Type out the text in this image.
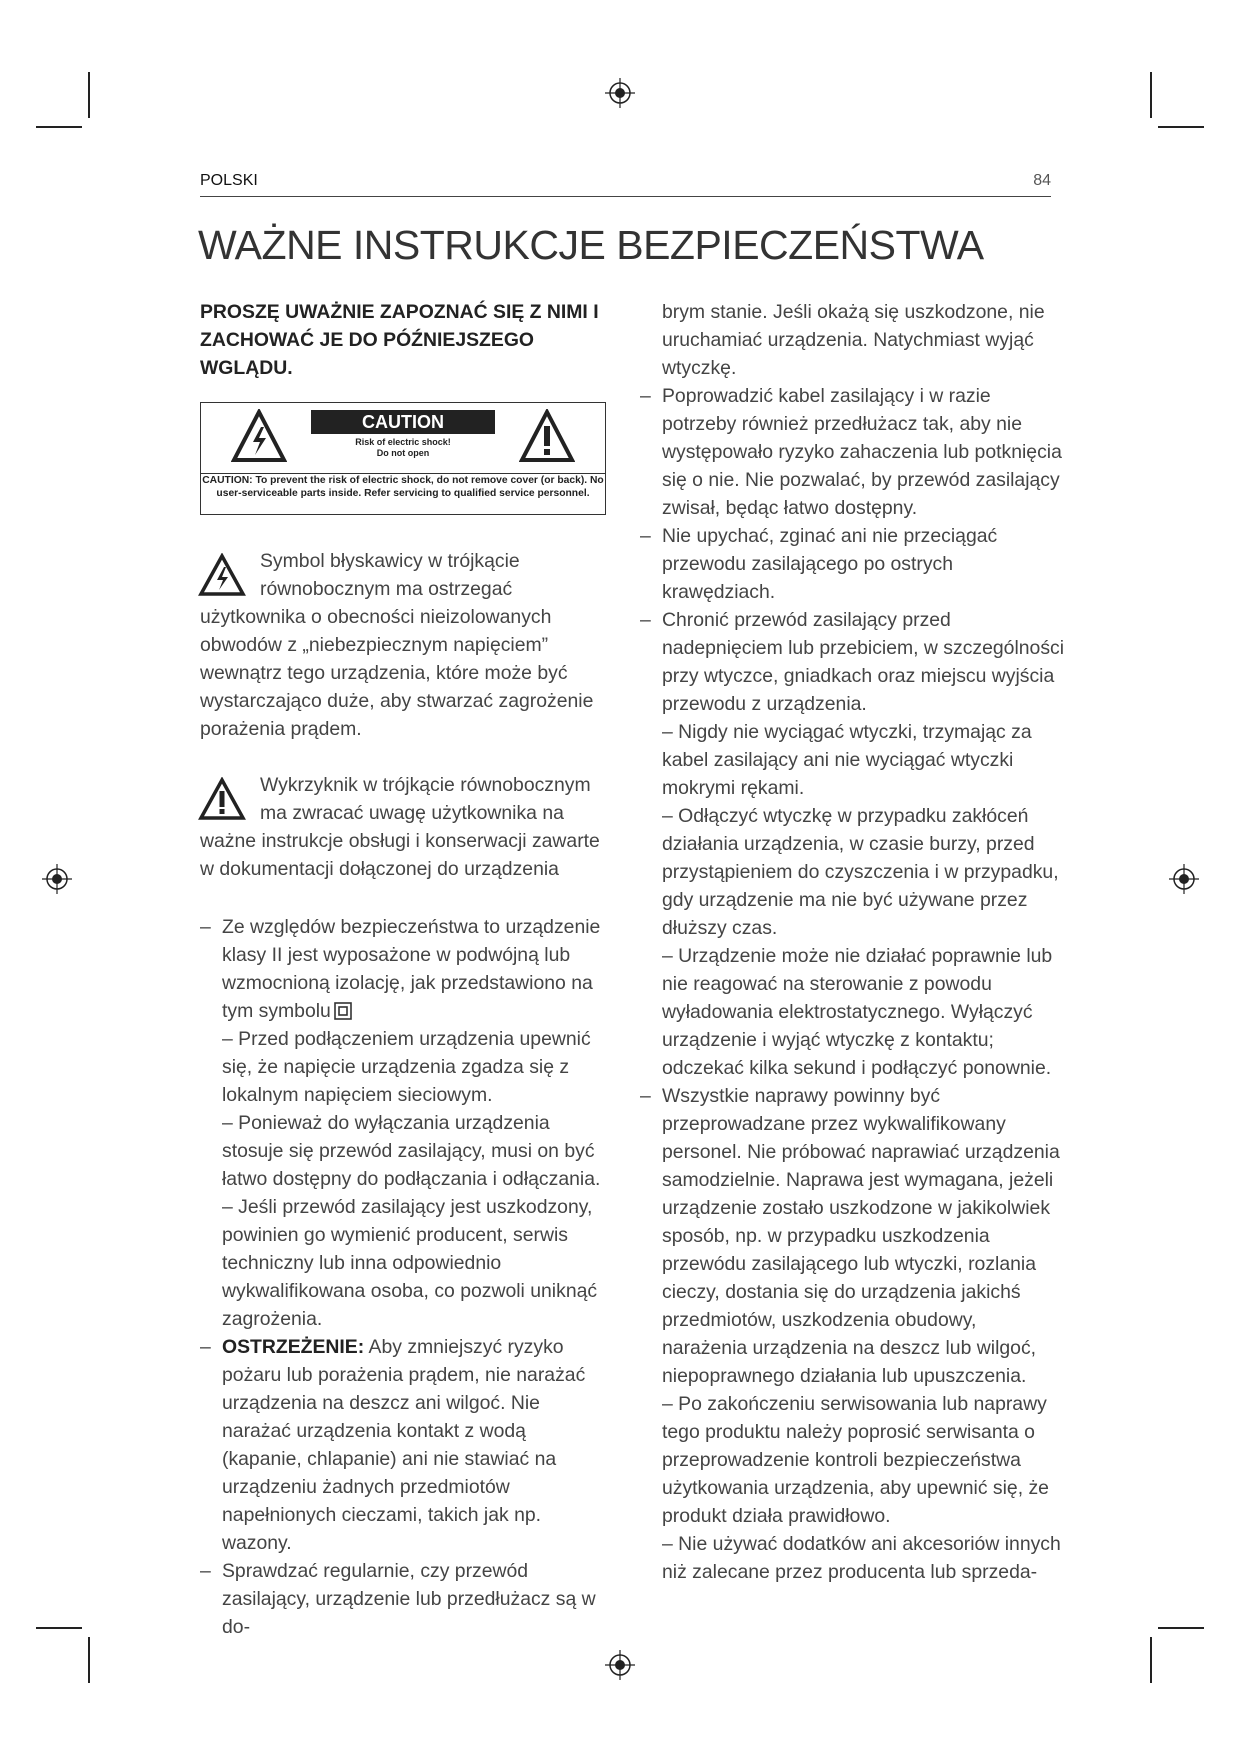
POLSKI	84
WAŻNE INSTRUKCJE BEZPIECZEŃSTWA
PROSZĘ UWAŻNIE ZAPOZNAĆ SIĘ Z NIMI I ZACHOWAĆ JE DO PÓŹNIEJSZEGO WGLĄDU.
CAUTION
Risk of electric shock!
Do not open
CAUTION: To prevent the risk of electric shock, do not remove cover (or back). No user-serviceable parts inside. Refer servicing to qualified service personnel.

Symbol błyskawicy w trójkącie równobocznym ma ostrzegać użytkownika o obecności nieizolowanych obwodów z „niebezpiecznym napięciem” wewnątrz tego urządzenia, które może być wystarczająco duże, aby stwarzać zagrożenie porażenia prądem.

Wykrzyknik w trójkącie równobocznym ma zwracać uwagę użytkownika na ważne instrukcje obsługi i konserwacji zawarte w dokumentacji dołączonej do urządzenia

– Ze względów bezpieczeństwa to urządzenie klasy II jest wyposażone w podwójną lub wzmocnioną izolację, jak przedstawiono na tym symbolu
– Przed podłączeniem urządzenia upewnić się, że napięcie urządzenia zgadza się z lokalnym napięciem sieciowym.
– Ponieważ do wyłączania urządzenia stosuje się przewód zasilający, musi on być łatwo dostępny do podłączania i odłączania.
– Jeśli przewód zasilający jest uszkodzony, powinien go wymienić producent, serwis techniczny lub inna odpowiednio wykwalifikowana osoba, co pozwoli uniknąć zagrożenia.
– OSTRZEŻENIE: Aby zmniejszyć ryzyko pożaru lub porażenia prądem, nie narażać urządzenia na deszcz ani wilgoć. Nie narażać urządzenia kontakt z wodą (kapanie, chlapanie) ani nie stawiać na urządzeniu żadnych przedmiotów napełnionych cieczami, takich jak np. wazony.
– Sprawdzać regularnie, czy przewód zasilający, urządzenie lub przedłużacz są w do-

brym stanie. Jeśli okażą się uszkodzone, nie uruchamiać urządzenia. Natychmiast wyjąć wtyczkę.

– Poprowadzić kabel zasilający i w razie potrzeby również przedłużacz tak, aby nie występowało ryzyko zahaczenia lub potknięcia się o nie. Nie pozwalać, by przewód zasilający zwisał, będąc łatwo dostępny.
– Nie upychać, zginać ani nie przeciągać przewodu zasilającego po ostrych krawędziach.
– Chronić przewód zasilający przed nadepnięciem lub przebiciem, w szczególności przy wtyczce, gniadkach oraz miejscu wyjścia przewodu z urządzenia.
– Nigdy nie wyciągać wtyczki, trzymając za kabel zasilający ani nie wyciągać wtyczki mokrymi rękami.
– Odłączyć wtyczkę w przypadku zakłóceń działania urządzenia, w czasie burzy, przed przystąpieniem do czyszczenia i w przypadku, gdy urządzenie ma nie być używane przez dłuższy czas.
– Urządzenie może nie działać poprawnie lub nie reagować na sterowanie z powodu wyładowania elektrostatycznego. Wyłączyć urządzenie i wyjąć wtyczkę z kontaktu; odczekać kilka sekund i podłączyć ponownie.
– Wszystkie naprawy powinny być przeprowadzane przez wykwalifikowany personel. Nie próbować naprawiać urządzenia samodzielnie. Naprawa jest wymagana, jeżeli urządzenie zostało uszkodzone w jakikolwiek sposób, np. w przypadku uszkodzenia przewódu zasilającego lub wtyczki, rozlania cieczy, dostania się do urządzenia jakichś przedmiotów, uszkodzenia obudowy, narażenia urządzenia na deszcz lub wilgoć, niepoprawnego działania lub upuszczenia.
– Po zakończeniu serwisowania lub naprawy tego produktu należy poprosić serwisanta o przeprowadzenie kontroli bezpieczeństwa użytkowania urządzenia, aby upewnić się, że produkt działa prawidłowo.
– Nie używać dodatków ani akcesoriów innych niż zalecane przez producenta lub sprzeda-
